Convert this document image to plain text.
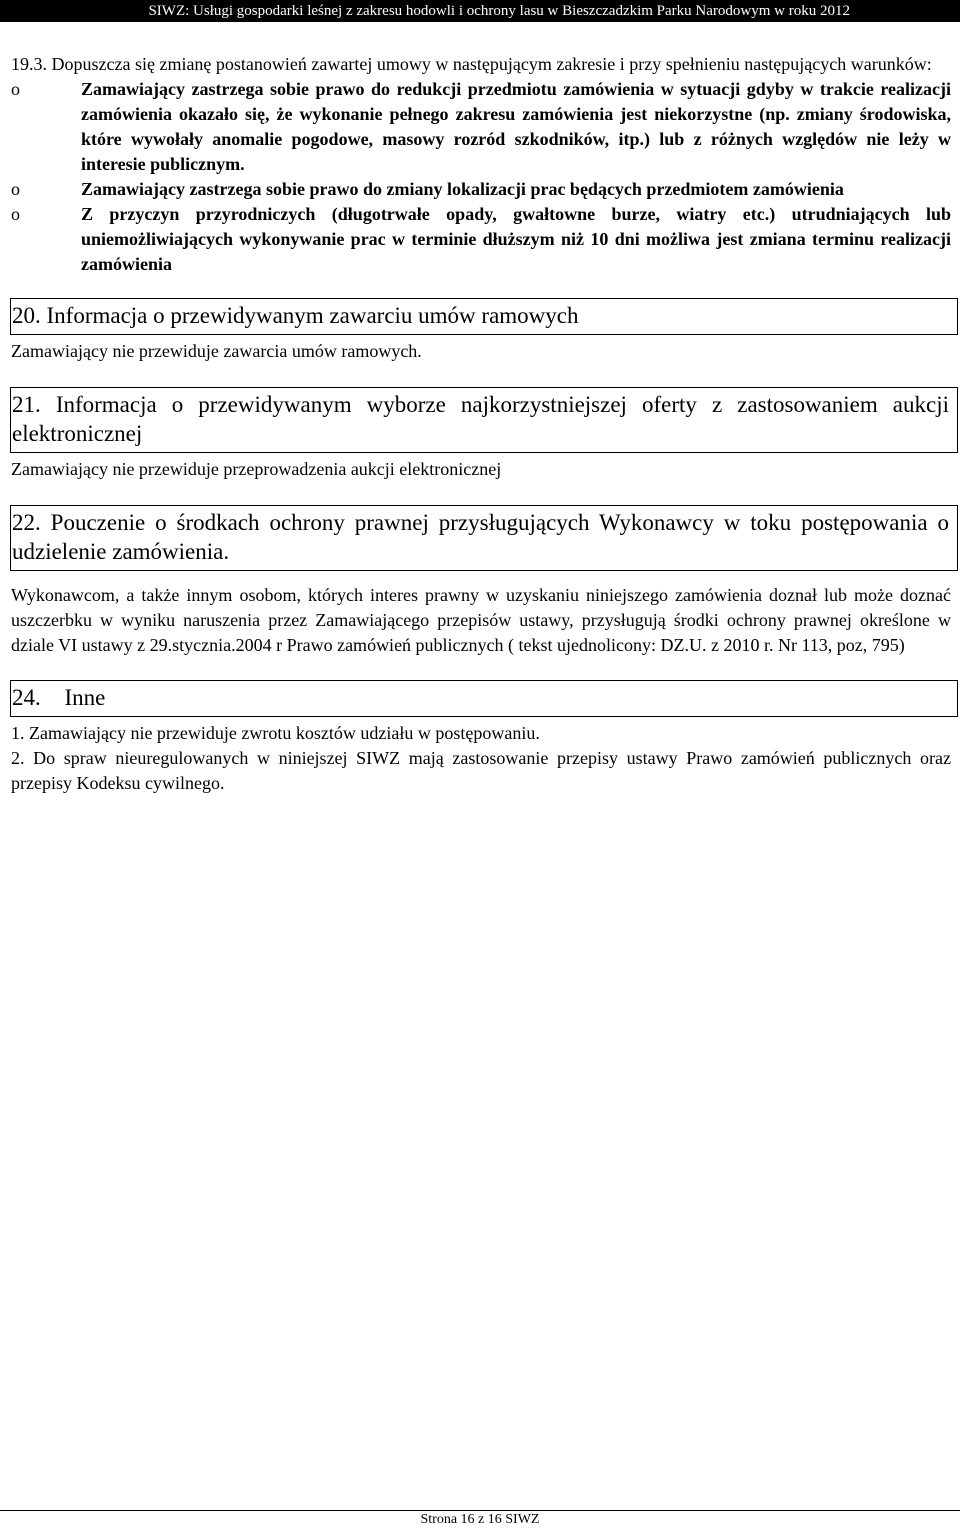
SIWZ: Usługi gospodarki leśnej z zakresu hodowli i ochrony lasu w Bieszczadzkim Parku Narodowym w roku 2012

19.3. Dopuszcza się zmianę postanowień zawartej umowy w następującym zakresie i przy spełnieniu następujących warunków:

o	Zamawiający zastrzega sobie prawo do redukcji przedmiotu zamówienia w sytuacji gdyby w trakcie realizacji zamówienia okazało się, że wykonanie pełnego zakresu zamówienia jest niekorzystne (np. zmiany środowiska, które wywołały anomalie pogodowe, masowy rozród szkodników, itp.) lub z różnych względów nie leży w interesie publicznym.
o	Zamawiający zastrzega sobie prawo do zmiany lokalizacji prac będących przedmiotem zamówienia
o	Z przyczyn przyrodniczych (długotrwałe opady, gwałtowne burze, wiatry etc.) utrudniających lub uniemożliwiających wykonywanie prac w terminie dłuższym niż 10 dni możliwa jest zmiana terminu realizacji zamówienia
20. Informacja o przewidywanym zawarciu umów ramowych

Zamawiający nie przewiduje zawarcia umów ramowych.

21. Informacja o przewidywanym wyborze najkorzystniejszej oferty z zastosowaniem aukcji elektronicznej

Zamawiający nie przewiduje przeprowadzenia aukcji elektronicznej

22. Pouczenie o środkach ochrony prawnej przysługujących Wykonawcy w toku postępowania o udzielenie zamówienia.

Wykonawcom, a także innym osobom, których interes prawny w uzyskaniu niniejszego zamówienia doznał lub może doznać uszczerbku w wyniku naruszenia przez Zamawiającego przepisów ustawy, przysługują środki ochrony prawnej określone w dziale VI ustawy z 29.stycznia.2004 r Prawo zamówień publicznych ( tekst ujednolicony: DZ.U. z 2010 r. Nr 113, poz, 795)

24. Inne

1. Zamawiający nie przewiduje zwrotu kosztów udziału w postępowaniu.

2. Do spraw nieuregulowanych w niniejszej SIWZ mają zastosowanie przepisy ustawy Prawo zamówień publicznych oraz przepisy Kodeksu cywilnego.

Strona 16 z 16 SIWZ
